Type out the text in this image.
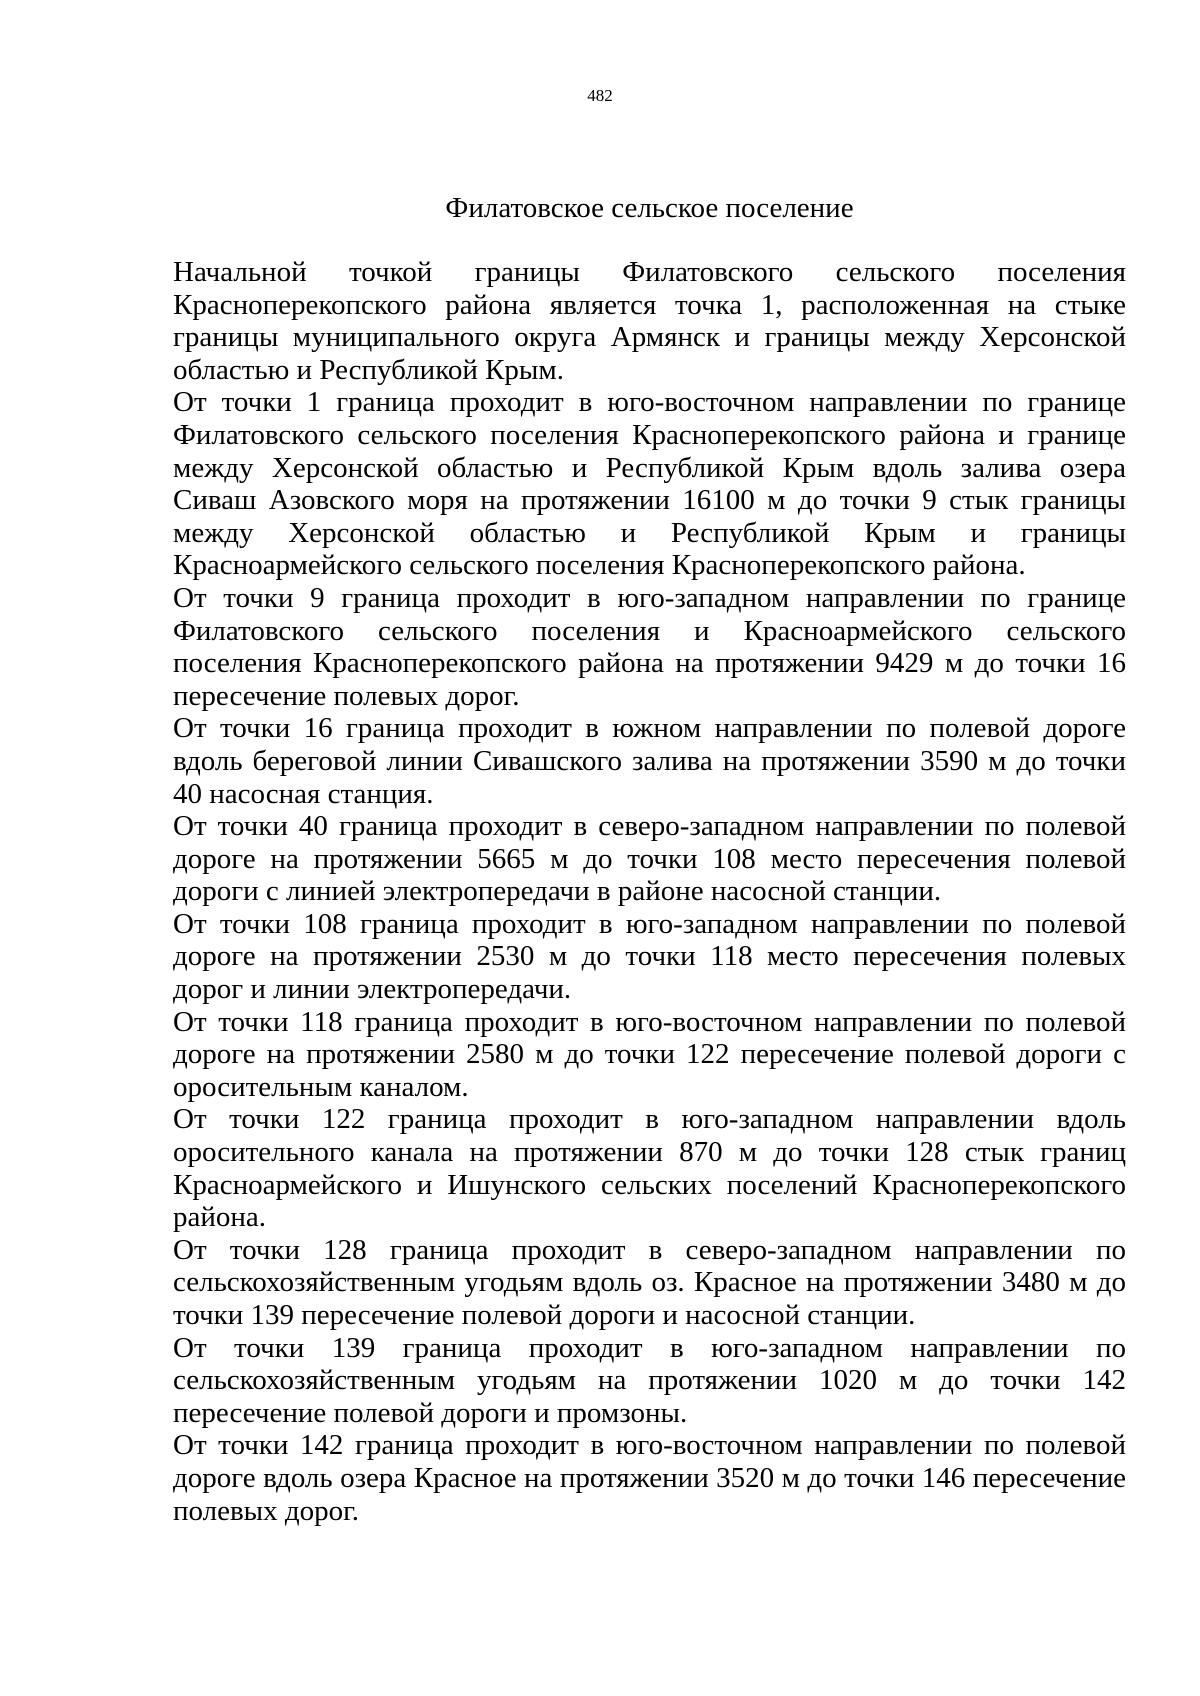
482
Филатовское сельское поселение

Начальной точкой границы Филатовского сельского поселения Красноперекопского района является точка 1, расположенная на стыке границы муниципального округа Армянск и границы между Херсонской областью и Республикой Крым.

От точки 1 граница проходит в юго-восточном направлении по границе Филатовского сельского поселения Красноперекопского района и границе между Херсонской областью и Республикой Крым вдоль залива озера Сиваш Азовского моря на протяжении 16100 м до точки 9 стык границы между Херсонской областью и Республикой Крым и границы Красноармейского сельского поселения Красноперекопского района.

От точки 9 граница проходит в юго-западном направлении по границе Филатовского сельского поселения и Красноармейского сельского поселения Красноперекопского района на протяжении 9429 м до точки 16 пересечение полевых дорог.

От точки 16 граница проходит в южном направлении по полевой дороге вдоль береговой линии Сивашского залива на протяжении 3590 м до точки 40 насосная станция.

От точки 40 граница проходит в северо-западном направлении по полевой дороге на протяжении 5665 м до точки 108 место пересечения полевой дороги с линией электропередачи в районе насосной станции.

От точки 108 граница проходит в юго-западном направлении по полевой дороге на протяжении 2530 м до точки 118 место пересечения полевых дорог и линии электропередачи.

От точки 118 граница проходит в юго-восточном направлении по полевой дороге на протяжении 2580 м до точки 122 пересечение полевой дороги с оросительным каналом.

От точки 122 граница проходит в юго-западном направлении вдоль оросительного канала на протяжении 870 м до точки 128 стык границ Красноармейского и Ишунского сельских поселений Красноперекопского района.

От точки 128 граница проходит в северо-западном направлении по сельскохозяйственным угодьям вдоль оз. Красное на протяжении 3480 м до точки 139 пересечение полевой дороги и насосной станции.

От точки 139 граница проходит в юго-западном направлении по сельскохозяйственным угодьям на протяжении 1020 м до точки 142 пересечение полевой дороги и промзоны.

От точки 142 граница проходит в юго-восточном направлении по полевой дороге вдоль озера Красное на протяжении 3520 м до точки 146 пересечение полевых дорог.
